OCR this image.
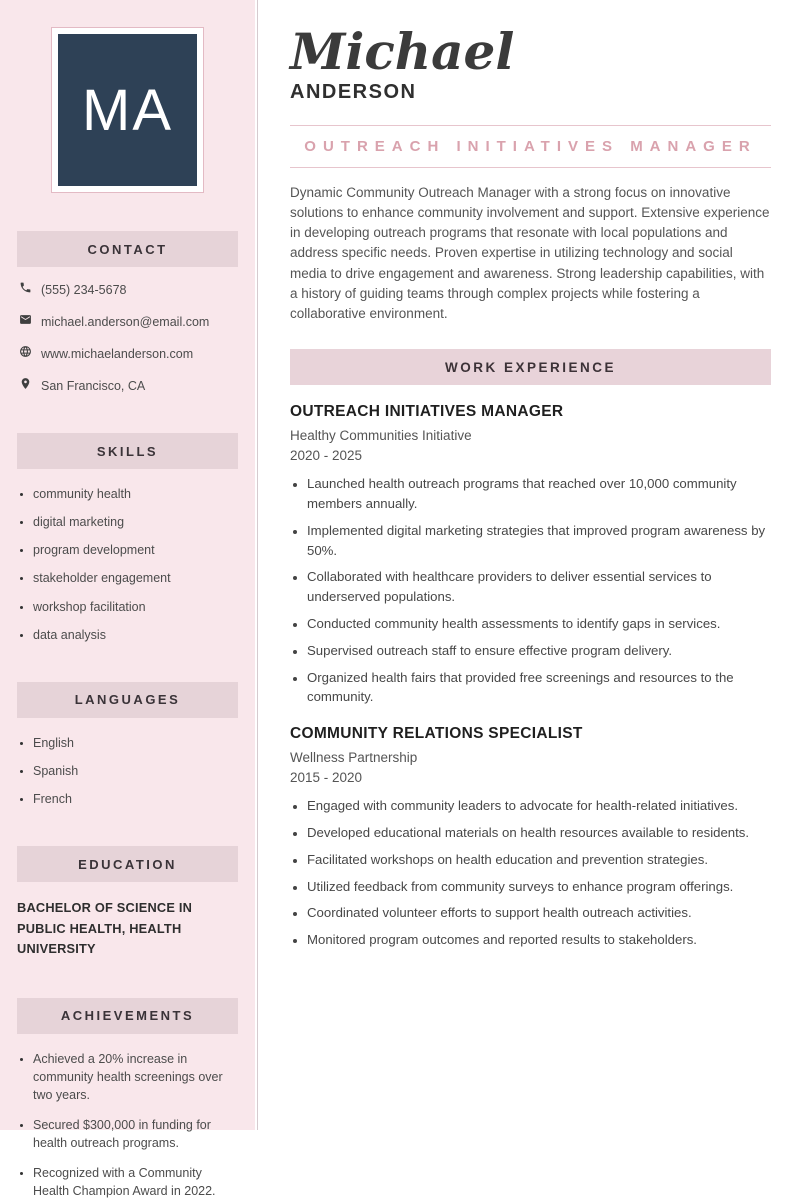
MA
CONTACT
(555) 234-5678
michael.anderson@email.com
www.michaelanderson.com
San Francisco, CA
SKILLS
• community health
• digital marketing
• program development
• stakeholder engagement
• workshop facilitation
• data analysis
LANGUAGES
• English
• Spanish
• French
EDUCATION
BACHELOR OF SCIENCE IN PUBLIC HEALTH, HEALTH UNIVERSITY
ACHIEVEMENTS
• Achieved a 20% increase in community health screenings over two years.
• Secured $300,000 in funding for health outreach programs.
• Recognized with a Community Health Champion Award in 2022.
Michael
ANDERSON
OUTREACH INITIATIVES MANAGER

Dynamic Community Outreach Manager with a strong focus on innovative solutions to enhance community involvement and support. Extensive experience in developing outreach programs that resonate with local populations and address specific needs. Proven expertise in utilizing technology and social media to drive engagement and awareness. Strong leadership capabilities, with a history of guiding teams through complex projects while fostering a collaborative environment.

WORK EXPERIENCE
OUTREACH INITIATIVES MANAGER
Healthy Communities Initiative
2020 - 2025
• Launched health outreach programs that reached over 10,000 community members annually.
• Implemented digital marketing strategies that improved program awareness by 50%.
• Collaborated with healthcare providers to deliver essential services to underserved populations.
• Conducted community health assessments to identify gaps in services.
• Supervised outreach staff to ensure effective program delivery.
• Organized health fairs that provided free screenings and resources to the community.
COMMUNITY RELATIONS SPECIALIST
Wellness Partnership
2015 - 2020
• Engaged with community leaders to advocate for health-related initiatives.
• Developed educational materials on health resources available to residents.
• Facilitated workshops on health education and prevention strategies.
• Utilized feedback from community surveys to enhance program offerings.
• Coordinated volunteer efforts to support health outreach activities.
• Monitored program outcomes and reported results to stakeholders.
